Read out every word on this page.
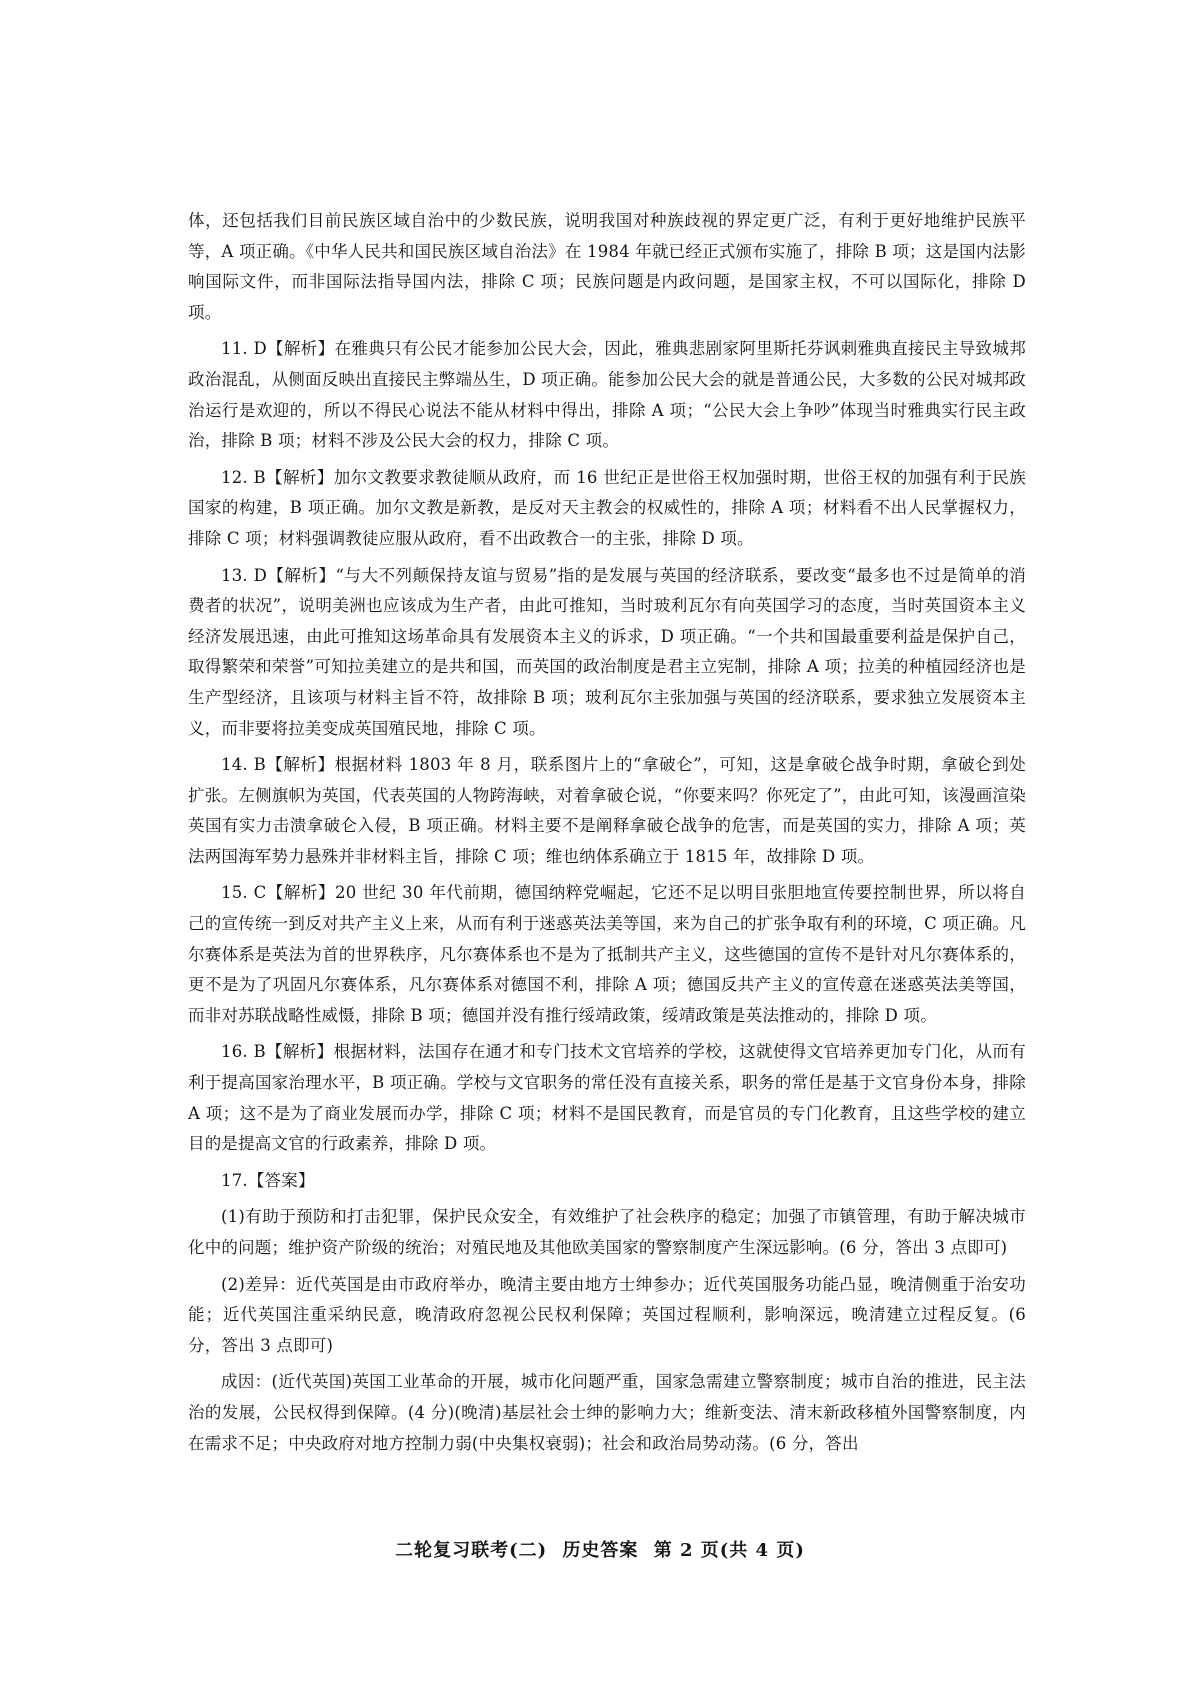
体，还包括我们目前民族区域自治中的少数民族，说明我国对种族歧视的界定更广泛，有利于更好地维护民族平等，A 项正确。《中华人民共和国民族区域自治法》在 1984 年就已经正式颁布实施了，排除 B 项；这是国内法影响国际文件，而非国际法指导国内法，排除 C 项；民族问题是内政问题，是国家主权，不可以国际化，排除 D 项。

11. D【解析】在雅典只有公民才能参加公民大会，因此，雅典悲剧家阿里斯托芬讽刺雅典直接民主导致城邦政治混乱，从侧面反映出直接民主弊端丛生，D 项正确。能参加公民大会的就是普通公民，大多数的公民对城邦政治运行是欢迎的，所以不得民心说法不能从材料中得出，排除 A 项；“公民大会上争吵”体现当时雅典实行民主政治，排除 B 项；材料不涉及公民大会的权力，排除 C 项。

12. B【解析】加尔文教要求教徒顺从政府，而 16 世纪正是世俗王权加强时期，世俗王权的加强有利于民族国家的构建，B 项正确。加尔文教是新教，是反对天主教会的权威性的，排除 A 项；材料看不出人民掌握权力，排除 C 项；材料强调教徒应服从政府，看不出政教合一的主张，排除 D 项。

13. D【解析】“与大不列颠保持友谊与贸易”指的是发展与英国的经济联系，要改变“最多也不过是简单的消费者的状况”，说明美洲也应该成为生产者，由此可推知，当时玻利瓦尔有向英国学习的态度，当时英国资本主义经济发展迅速，由此可推知这场革命具有发展资本主义的诉求，D 项正确。“一个共和国最重要利益是保护自己，取得繁荣和荣誉”可知拉美建立的是共和国，而英国的政治制度是君主立宪制，排除 A 项；拉美的种植园经济也是生产型经济，且该项与材料主旨不符，故排除 B 项；玻利瓦尔主张加强与英国的经济联系，要求独立发展资本主义，而非要将拉美变成英国殖民地，排除 C 项。

14. B【解析】根据材料 1803 年 8 月，联系图片上的“拿破仑”，可知，这是拿破仑战争时期，拿破仑到处扩张。左侧旗帜为英国，代表英国的人物跨海峡，对着拿破仑说，“你要来吗？你死定了”，由此可知，该漫画渲染英国有实力击溃拿破仑入侵，B 项正确。材料主要不是阐释拿破仑战争的危害，而是英国的实力，排除 A 项；英法两国海军势力悬殊并非材料主旨，排除 C 项；维也纳体系确立于 1815 年，故排除 D 项。

15. C【解析】20 世纪 30 年代前期，德国纳粹党崛起，它还不足以明目张胆地宣传要控制世界，所以将自己的宣传统一到反对共产主义上来，从而有利于迷惑英法美等国，来为自己的扩张争取有利的环境，C 项正确。凡尔赛体系是英法为首的世界秩序，凡尔赛体系也不是为了抵制共产主义，这些德国的宣传不是针对凡尔赛体系的，更不是为了巩固凡尔赛体系，凡尔赛体系对德国不利，排除 A 项；德国反共产主义的宣传意在迷惑英法美等国，而非对苏联战略性威慑，排除 B 项；德国并没有推行绥靖政策，绥靖政策是英法推动的，排除 D 项。

16. B【解析】根据材料，法国存在通才和专门技术文官培养的学校，这就使得文官培养更加专门化，从而有利于提高国家治理水平，B 项正确。学校与文官职务的常任没有直接关系，职务的常任是基于文官身份本身，排除 A 项；这不是为了商业发展而办学，排除 C 项；材料不是国民教育，而是官员的专门化教育，且这些学校的建立目的是提高文官的行政素养，排除 D 项。

17.【答案】

(1)有助于预防和打击犯罪，保护民众安全，有效维护了社会秩序的稳定；加强了市镇管理，有助于解决城市化中的问题；维护资产阶级的统治；对殖民地及其他欧美国家的警察制度产生深远影响。(6 分，答出 3 点即可)

(2)差异：近代英国是由市政府举办，晚清主要由地方士绅参办；近代英国服务功能凸显，晚清侧重于治安功能；近代英国注重采纳民意，晚清政府忽视公民权利保障；英国过程顺利，影响深远，晚清建立过程反复。(6 分，答出 3 点即可)

成因：(近代英国)英国工业革命的开展，城市化问题严重，国家急需建立警察制度；城市自治的推进，民主法治的发展，公民权得到保障。(4 分)(晚清)基层社会士绅的影响力大；维新变法、清末新政移植外国警察制度，内在需求不足；中央政府对地方控制力弱(中央集权衰弱)；社会和政治局势动荡。(6 分，答出

二轮复习联考(二) 历史答案 第 2 页(共 4 页)
